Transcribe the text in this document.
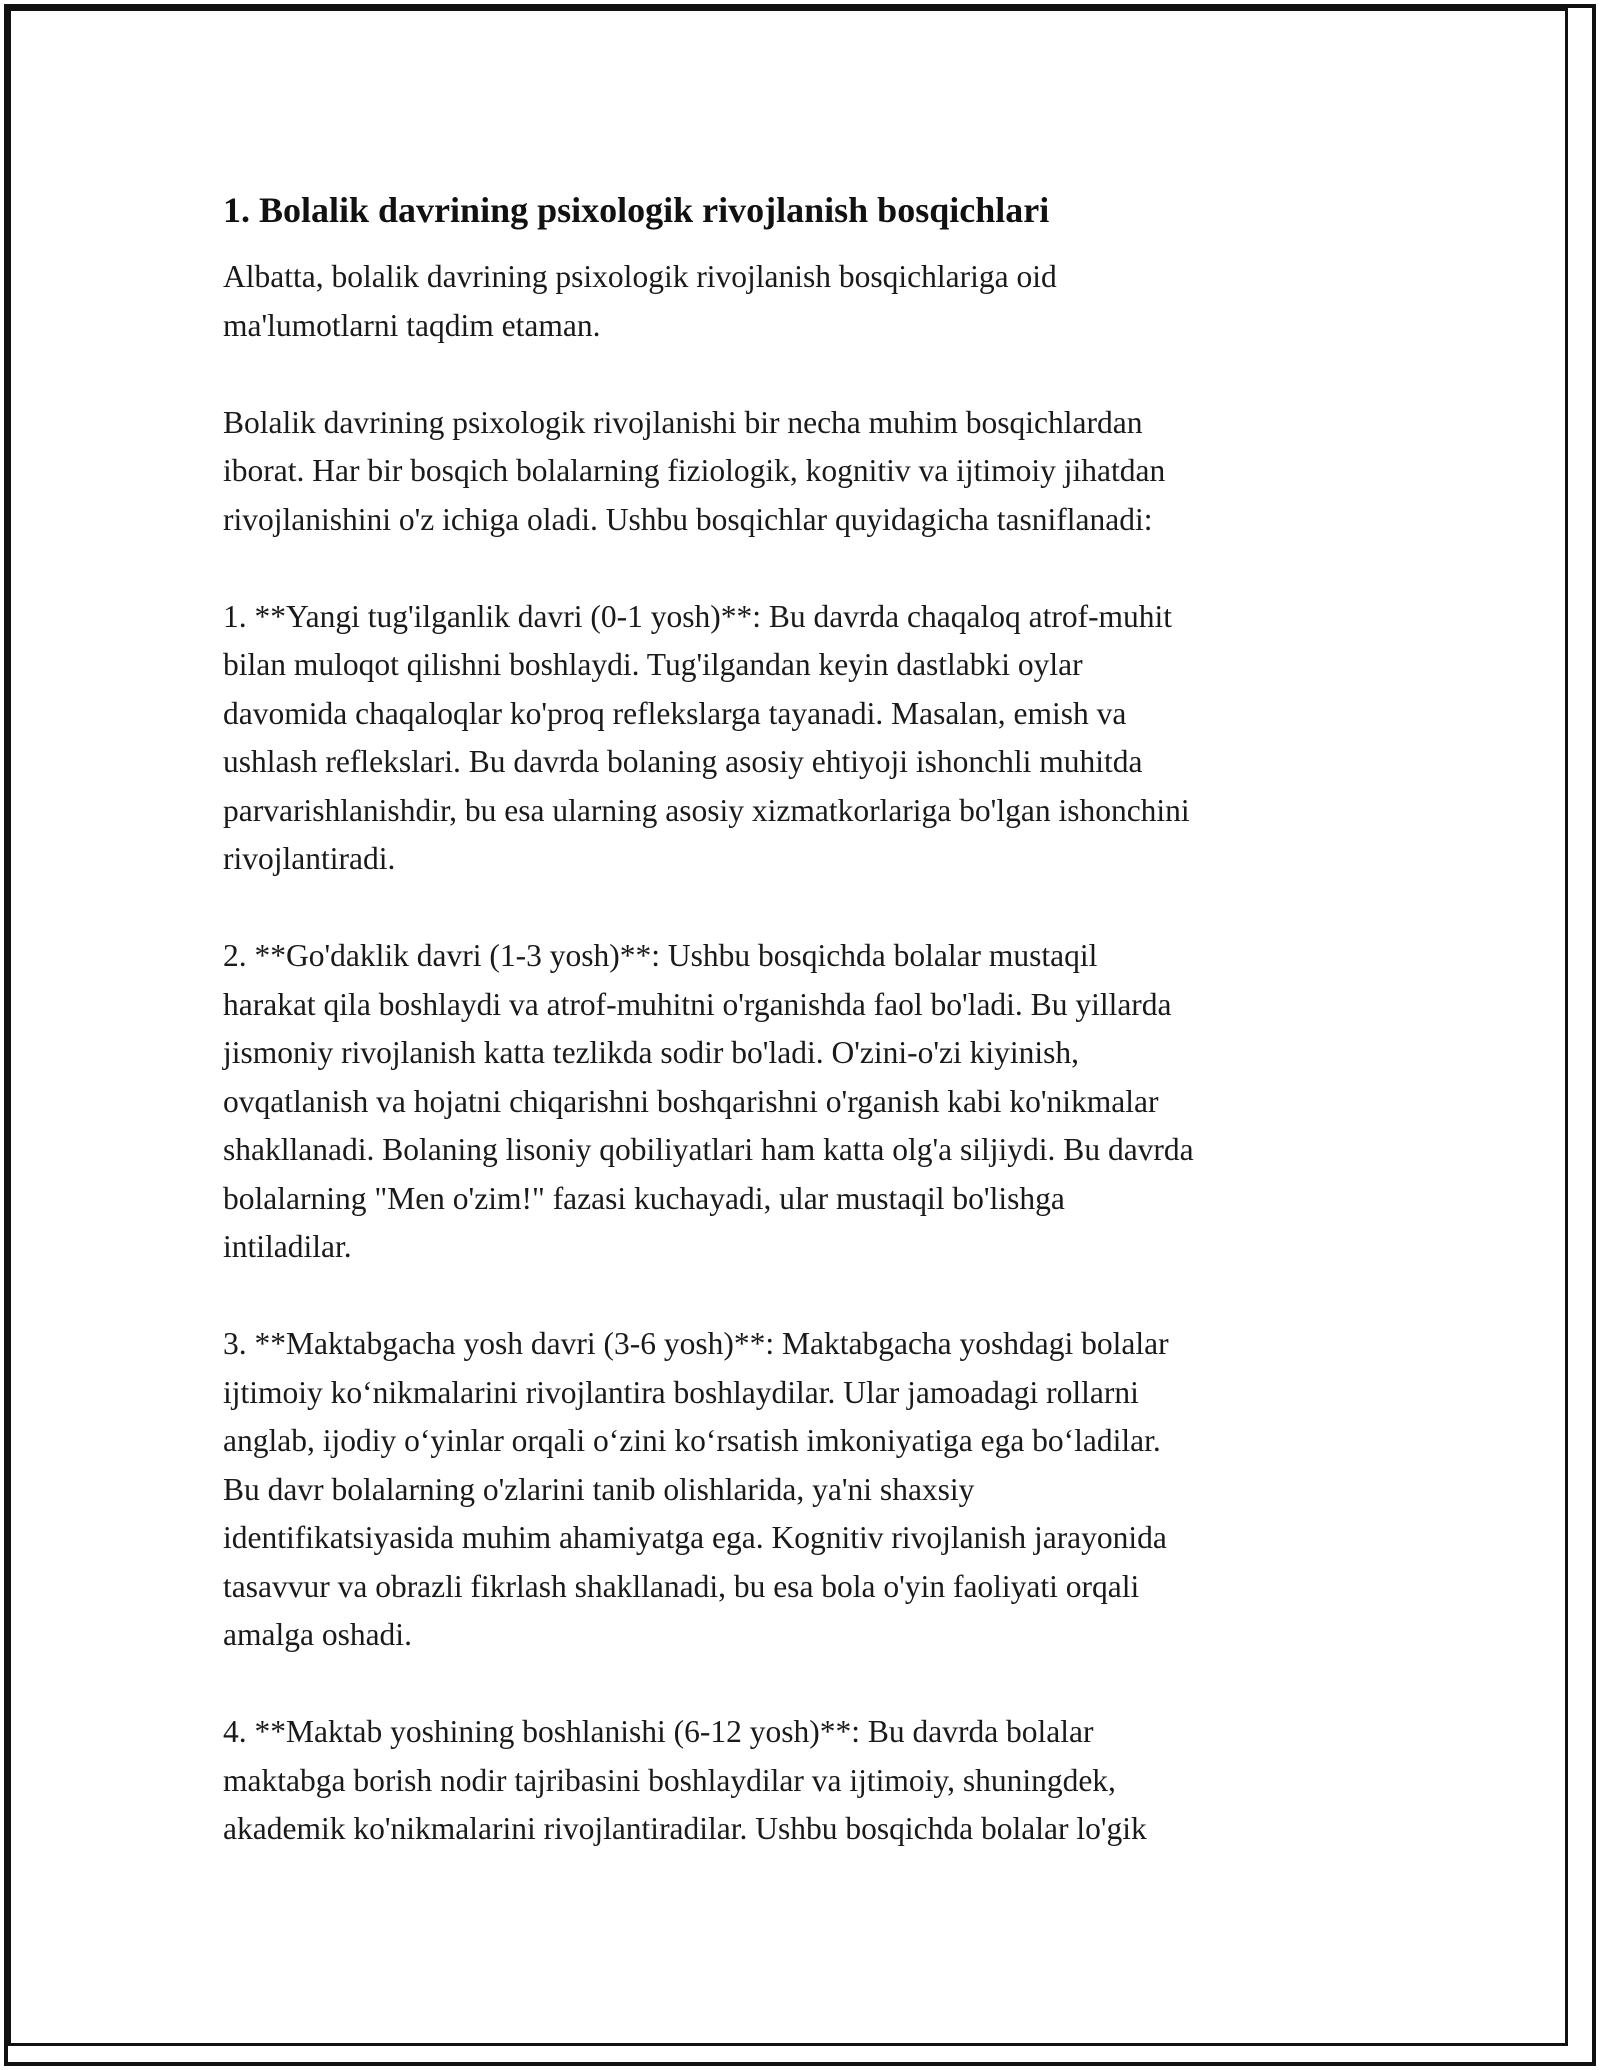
1. Bolalik davrining psixologik rivojlanish bosqichlari

Albatta, bolalik davrining psixologik rivojlanish bosqichlariga oid
ma'lumotlarni taqdim etaman.

Bolalik davrining psixologik rivojlanishi bir necha muhim bosqichlardan
iborat. Har bir bosqich bolalarning fiziologik, kognitiv va ijtimoiy jihatdan
rivojlanishini o'z ichiga oladi. Ushbu bosqichlar quyidagicha tasniflanadi:

1. **Yangi tug'ilganlik davri (0-1 yosh)**: Bu davrda chaqaloq atrof-muhit
bilan muloqot qilishni boshlaydi. Tug'ilgandan keyin dastlabki oylar
davomida chaqaloqlar ko'proq reflekslarga tayanadi. Masalan, emish va
ushlash reflekslari. Bu davrda bolaning asosiy ehtiyoji ishonchli muhitda
parvarishlanishdir, bu esa ularning asosiy xizmatkorlariga bo'lgan ishonchini
rivojlantiradi.

2. **Go'daklik davri (1-3 yosh)**: Ushbu bosqichda bolalar mustaqil
harakat qila boshlaydi va atrof-muhitni o'rganishda faol bo'ladi. Bu yillarda
jismoniy rivojlanish katta tezlikda sodir bo'ladi. O'zini-o'zi kiyinish,
ovqatlanish va hojatni chiqarishni boshqarishni o'rganish kabi ko'nikmalar
shakllanadi. Bolaning lisoniy qobiliyatlari ham katta olg'a siljiydi. Bu davrda
bolalarning "Men o'zim!" fazasi kuchayadi, ular mustaqil bo'lishga
intiladilar.

3. **Maktabgacha yosh davri (3-6 yosh)**: Maktabgacha yoshdagi bolalar
ijtimoiy ko‘nikmalarini rivojlantira boshlaydilar. Ular jamoadagi rollarni
anglab, ijodiy o‘yinlar orqali o‘zini ko‘rsatish imkoniyatiga ega bo‘ladilar.
Bu davr bolalarning o'zlarini tanib olishlarida, ya'ni shaxsiy
identifikatsiyasida muhim ahamiyatga ega. Kognitiv rivojlanish jarayonida
tasavvur va obrazli fikrlash shakllanadi, bu esa bola o'yin faoliyati orqali
amalga oshadi.

4. **Maktab yoshining boshlanishi (6-12 yosh)**: Bu davrda bolalar
maktabga borish nodir tajribasini boshlaydilar va ijtimoiy, shuningdek,
akademik ko'nikmalarini rivojlantiradilar. Ushbu bosqichda bolalar lo'gik
